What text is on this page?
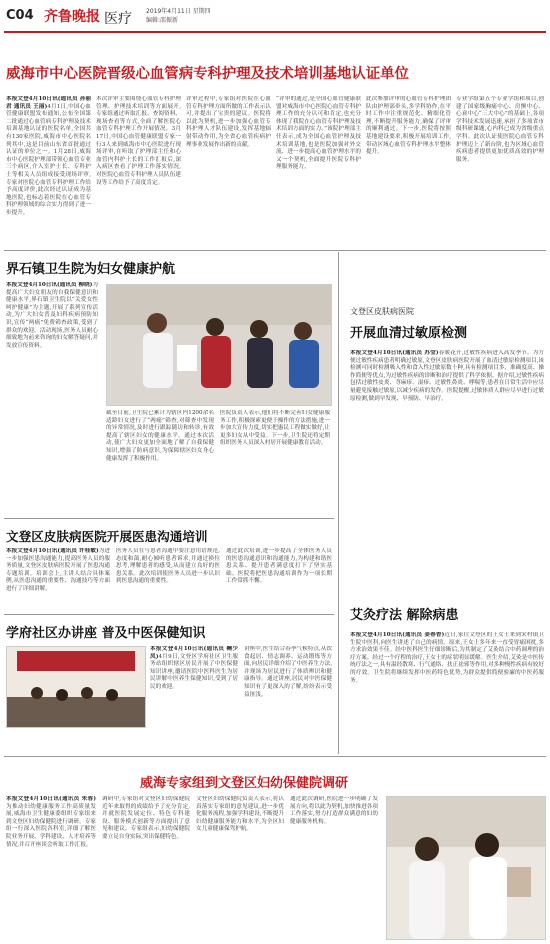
C04 齐鲁晚报 医疗 2019年4月11日 星期四
编辑:邵振新
威海市中心医院晋级心血管病专科护理及技术培训基地认证单位
本报文登4月10日讯(通讯员 孙丽君 通讯员 王丽)4月1日,中国心血管健康联盟发布通知,公布全国第二批通过心血管病专科护理及技术培训基地认证的医院名单,全国共有130家医院,威海市中心医院名列其中,这是目前山东省首批通过认证的单位之一。1月28日,威海市中心医院护理部带领心血管专业三个病区,介入室护士长、专科护士等相关人员组成接受现场评审,专家对医院心血管专科护理工作给予高度评价,此次经过认证成为基地医院,也标志着医院在心血管专科护理领域的综合实力得到了进一步提升。
本次评审主要围绕心血管专科护理管理、护理技术培训等方面展开,专家组通过听取汇报、查阅资料、现场查看等方式,全面了解医院心血管专科护理工作开展情况。3月17日,中国心血管健康联盟专家一行3人来到威海市中心医院进行现场评审,在听取了护理部主任和心血管内科护士长的工作汇报后,深入病区查看了护理工作落实情况,对医院心血管专科护理人员队伍建设等工作给予了高度肯定。
评审过程中,专家组对医院在心血管专科护理方面所做的工作表示认可,并提出了宝贵的建议。医院将以此为契机,进一步加强心血管专科护理人才队伍建设,发挥基地辐射带动作用,为全省心血管疾病护理事业发展作出新的贡献。
“评审的通过,是全国心血管健康联盟对威海市中心医院心血管专科护理工作的充分认可和肯定,也充分体现了我院在心血管专科护理及技术培训方面的实力。”该院护理部主任表示,成为全国心血管护理及技术培训基地,也是医院加强对外交流、进一步提高心血管护理水平的又一个契机,全面提升医院专科护理服务能力。
此次参加评审的心血管专科护理团队由护理部牵头,多学科协作,在平时工作中注重规范化、精细化管理,不断提升服务能力,确保了评审的顺利通过。下一步,医院将按照基地建设要求,积极开展培训工作,带动区域心血管专科护理水平整体提升。
专业学组第五个专业学组和项目,创建了国家级胸痛中心、房颤中心、心衰中心“三大中心”的基础上,各项学科技术发展迅速,承担了多项省市级科研课题,心内科已成为省级重点学科。此次认证使医院心血管专科护理迈上了新台阶,也为区域心血管疾病患者提供更加优质高效的护理服务。
界石镇卫生院为妇女健康护航
本报文登4月10日讯(通讯员 柳晓)为提高广大妇女朋友的自我保健意识和健康水平,界石镇卫生院以“关爱女性 呵护健康”为主题,开展了系列宣传活动,为广大妇女普及妇科疾病预防知识,宣传“两癌”免费筛查政策,受到了群众的欢迎。活动现场,医务人员耐心细致地为前来咨询的妇女解答疑问,并发放宣传资料。
截至目前,卫生院已累计为辖区内1200余名适龄妇女进行了“两癌”筛查,对筛查中发现的异常情况,及时进行跟踪随访和转诊,有效提高了辖区妇女的健康水平。通过本次活动,使广大妇女更加全面地了解了自我保健知识,增强了防病意识,为保障辖区妇女身心健康发挥了积极作用。
医院负责人表示,他们将不断完善妇女健康服务工作,积极探索更便于操作的方法措施,进一步加大宣传力度,切实把惠民工程做实做好,让更多妇女从中受益。下一步,卫生院还将定期组织医务人员深入村居开展健康教育活动。
文登区皮肤病医院开展医患沟通培训
本报文登4月10日讯(通讯员 许桂敏)为进一步加强医患沟通能力,提高医务人员的服务质量,文登区皮肤病医院开展了医患沟通专题培训。培训会上,主讲人结合具体案例,从医患沟通的重要性、沟通技巧等方面进行了详细讲解。
医务人员在与患者沟通中要注意用语规范,态度和蔼,耐心倾听患者诉求,并通过换位思考,理解患者的感受,从而建立良好的医患关系。此次培训使医务人员进一步认识到医患沟通的重要性。
通过此次培训,进一步提高了全体医务人员的医患沟通意识和沟通能力,为构建和谐医患关系、提升患者满意度打下了坚实基础。医院将把医患沟通培训作为一项长期工作常抓不懈。
学府社区办讲座 普及中医保健知识
本报文登4月10日讯(通讯员 鞠少凤)4月9日,文登区学府社区卫生服务站组织辖区居民开展了中医保健知识讲座,邀请医院中医科医生为居民讲解中医养生保健知识,受到了居民的欢迎。
讲座中,医生结合春季气候特点,从饮食起居、情志调养、运动锻炼等方面,向居民详细介绍了中医养生方法,并现场为居民进行了体质辨识和健康指导。通过讲座,居民对中医保健知识有了更深入的了解,纷纷表示受益匪浅。
文登区皮肤病医院
开展血清过敏原检测
本报文登4月10日讯(通讯员 苏莹)春暖花开,过敏性疾病进入高发季节。为方便过敏性疾病患者明确过敏原,文登区皮肤病医院开展了血清过敏原检测项目,该检测可同时检测吸入性和食入性过敏原数十种,具有检测项目多、准确度高、操作简便等优点,为过敏性疾病的诊断和治疗提供了科学依据。据介绍,过敏性疾病包括过敏性皮炎、荨麻疹、湿疹、过敏性鼻炎、哮喘等,患者在日常生活中应尽量避免接触过敏原,以减少疾病的发作。医院提醒,过敏体质人群应尽早进行过敏原检测,做到早发现、早预防、早治疗。
艾灸疗法 解除病患
本报文登4月10日讯(通讯员 姜春香)近日,家住文登区的王女士来到宋村镇卫生院中医科,向医生讲述了自己的病情。原来,王女士多年来一直受胃痛困扰,多方求治效果不佳。经中医科医生仔细诊断后,为其制定了艾灸结合中药调理的治疗方案。经过一个疗程的治疗,王女士的症状明显缓解。医生介绍,艾灸是中医传统疗法之一,具有温经散寒、行气通络、扶正祛邪等作用,对多种慢性疾病有较好的疗效。卫生院将继续发挥中医药特色优势,为群众提供简便验廉的中医药服务。
威海专家组到文登区妇幼保健院调研
本报文登4月10日讯(通讯员 朱蓉)为推动妇幼健康服务工作高质量发展,威海市卫生健康委组织专家组来到文登区妇幼保健院进行调研。专家组一行深入医院各科室,详细了解医院业务开展、学科建设、人才培养等情况,并召开座谈会听取工作汇报。
调研中,专家组对文登区妇幼保健院近年来取得的成绩给予了充分肯定,并就医院发展定位、特色专科建设、服务模式创新等方面提出了意见和建议。专家组表示,妇幼保健院要立足自身实际,突出保健特色。
文登区妇幼保健院负责人表示,将认真落实专家组的意见建议,进一步优化服务流程,加强学科建设,不断提升妇幼健康服务能力和水平,为全区妇女儿童健康保驾护航。
通过此次调研,医院进一步明确了发展方向,将以此为契机,加快推进各项工作落实,努力打造群众满意的妇幼健康服务机构。
